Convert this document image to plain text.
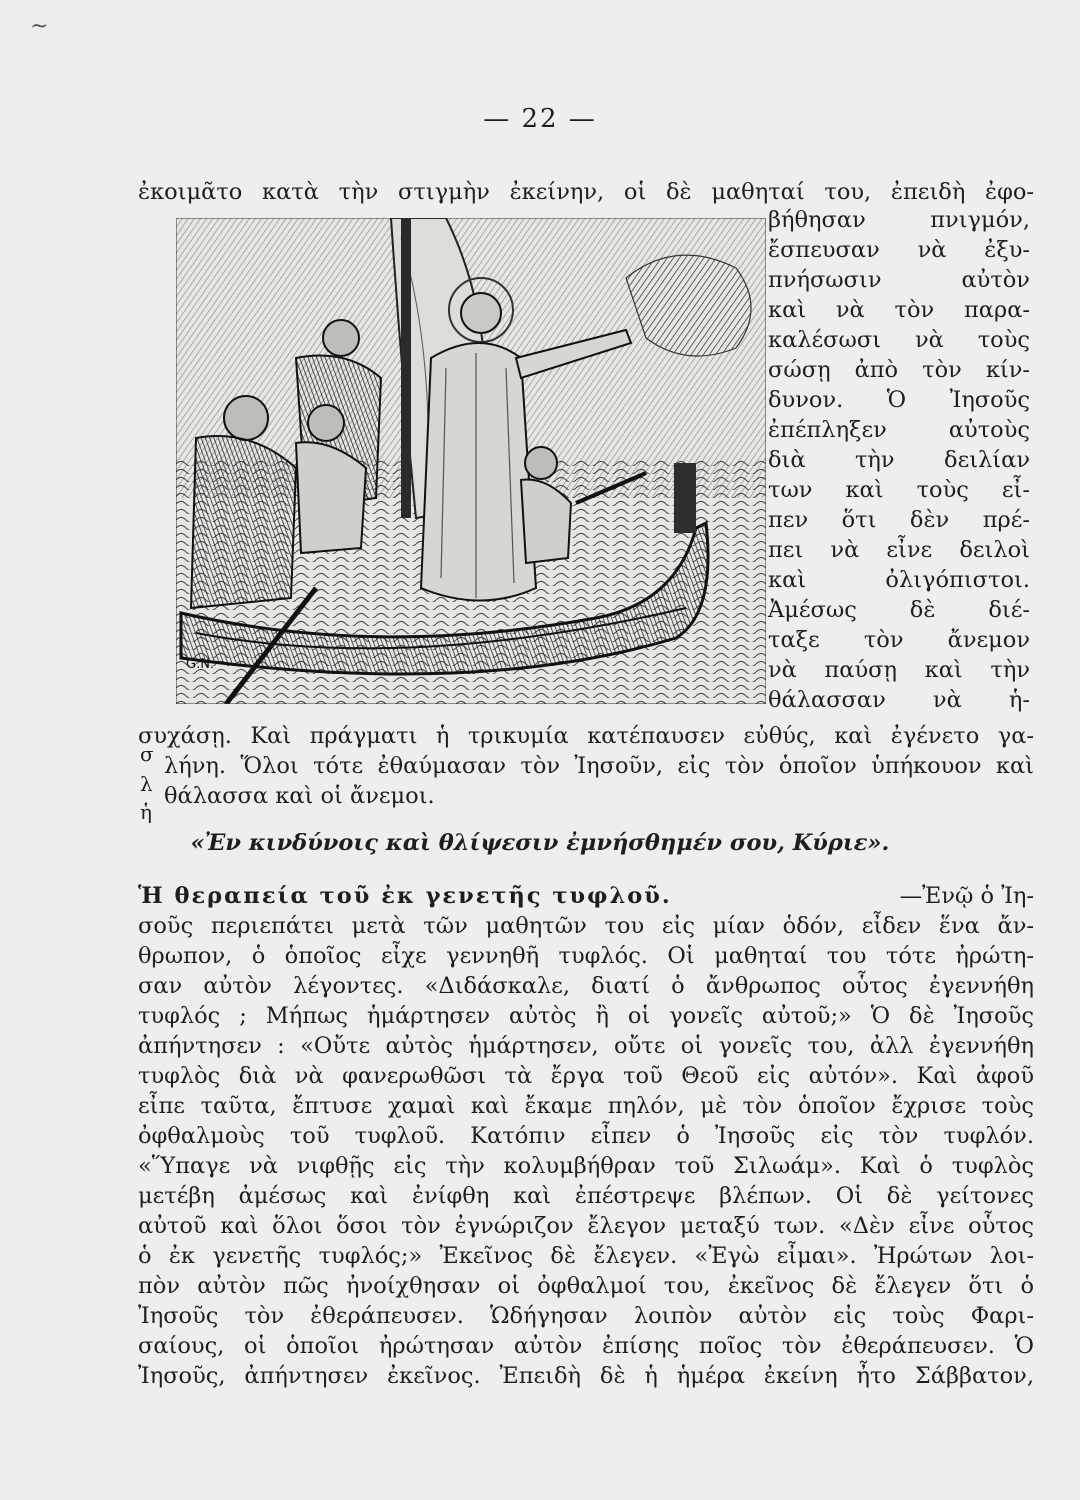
~
— 22 —
ἐκοιμᾶτο κατὰ τὴν στιγμὴν ἐκείνην, οἱ δὲ μαθηταί του, ἐπειδὴ ἐφο-
G.N.
βήθησαν πνιγμόν,
ἔσπευσαν νὰ ἐξυ-
πνήσωσιν αὐτὸν
καὶ νὰ τὸν παρα-
καλέσωσι νὰ τοὺς
σώσῃ ἀπὸ τὸν κίν-
δυνον. Ὁ Ἰησοῦς
ἐπέπληξεν αὐτοὺς
διὰ τὴν δειλίαν
των καὶ τοὺς εἶ-
πεν ὅτι δὲν πρέ-
πει νὰ εἶνε δειλοὶ
καὶ ὀλιγόπιστοι.
Ἀμέσως δὲ διέ-
ταξε τὸν ἄνεμον
νὰ παύσῃ καὶ τὴν
θάλασσαν νὰ ἡ-
συχάσῃ. Καὶ πράγματι ἡ τρικυμία κατέπαυσεν εὐθύς, καὶ ἐγένετο γα-
λήνη. Ὅλοι τότε ἐθαύμασαν τὸν Ἰησοῦν, εἰς τὸν ὁποῖον ὑπήκουον καὶ
θάλασσα καὶ οἱ ἄνεμοι.
σ
λ
ἡ
«Ἐν κινδύνοις καὶ θλίψεσιν ἐμνήσθημέν σου, Κύριε».
Ἡ θεραπεία τοῦ ἐκ γενετῆς τυφλοῦ.	—Ἐνῷ ὁ Ἰη-
σοῦς περιεπάτει μετὰ τῶν μαθητῶν του εἰς μίαν ὁδόν, εἶδεν ἕνα ἄν-
θρωπον, ὁ ὁποῖος εἶχε γεννηθῆ τυφλός. Οἱ μαθηταί του τότε ἠρώτη-
σαν αὐτὸν λέγοντες. «Διδάσκαλε, διατί ὁ ἄνθρωπος οὗτος ἐγεννήθη
τυφλός ; Μήπως ἡμάρτησεν αὐτὸς ἢ οἱ γονεῖς αὐτοῦ;» Ὁ δὲ Ἰησοῦς
ἀπήντησεν : «Οὔτε αὐτὸς ἡμάρτησεν, οὔτε οἱ γονεῖς του, ἀλλ ἐγεννήθη
τυφλὸς διὰ νὰ φανερωθῶσι τὰ ἔργα τοῦ Θεοῦ εἰς αὐτόν». Καὶ ἀφοῦ
εἶπε ταῦτα, ἔπτυσε χαμαὶ καὶ ἔκαμε πηλόν, μὲ τὸν ὁποῖον ἔχρισε τοὺς
ὀφθαλμοὺς τοῦ τυφλοῦ. Κατόπιν εἶπεν ὁ Ἰησοῦς εἰς τὸν τυφλόν.
«Ὕπαγε νὰ νιφθῇς εἰς τὴν κολυμβήθραν τοῦ Σιλωάμ». Καὶ ὁ τυφλὸς
μετέβη ἀμέσως καὶ ἐνίφθη καὶ ἐπέστρεψε βλέπων. Οἱ δὲ γείτονες
αὐτοῦ καὶ ὅλοι ὅσοι τὸν ἐγνώριζον ἔλεγον μεταξύ των. «Δὲν εἶνε οὗτος
ὁ ἐκ γενετῆς τυφλός;» Ἐκεῖνος δὲ ἔλεγεν. «Ἐγὼ εἶμαι». Ἠρώτων λοι-
πὸν αὐτὸν πῶς ἠνοίχθησαν οἱ ὀφθαλμοί του, ἐκεῖνος δὲ ἔλεγεν ὅτι ὁ
Ἰησοῦς τὸν ἐθεράπευσεν. Ὡδήγησαν λοιπὸν αὐτὸν εἰς τοὺς Φαρι-
σαίους, οἱ ὁποῖοι ἠρώτησαν αὐτὸν ἐπίσης ποῖος τὸν ἐθεράπευσεν. Ὁ
Ἰησοῦς, ἀπήντησεν ἐκεῖνος. Ἐπειδὴ δὲ ἡ ἡμέρα ἐκείνη ἦτο Σάββατον,
